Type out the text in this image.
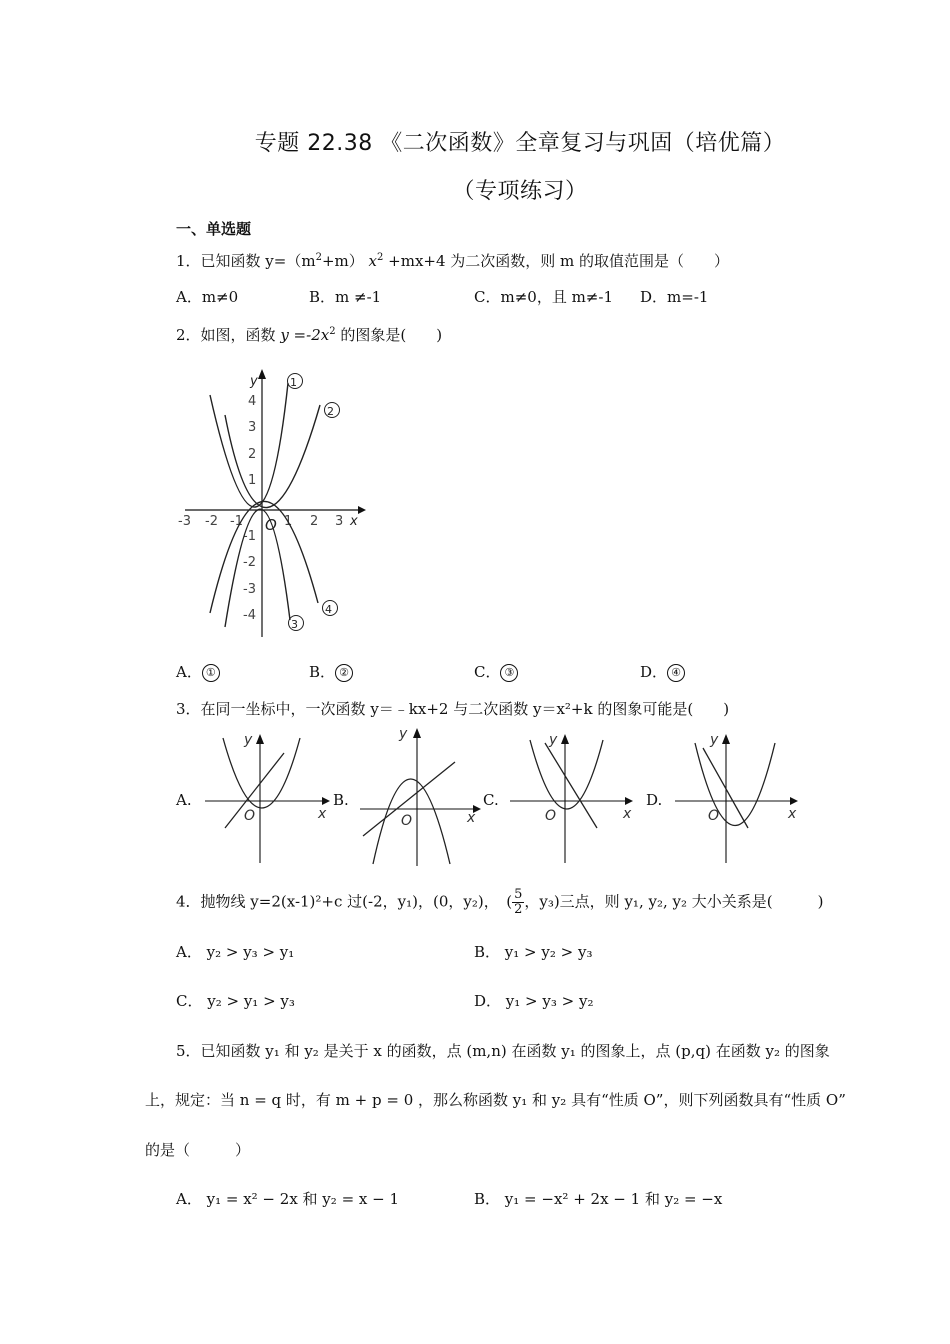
专题 22.38 《二次函数》全章复习与巩固（培优篇）
（专项练习）
一、单选题
1．已知函数 $y=(m^2+m)$ $x^2 +mx+4$ 为二次函数，则 m 的取值范围是（　　）
A．m≠0	B．m ≠-1	C．m≠0，且 m≠-1 D．m=-1
2．如图，函数 $y =-2x^2$ 的图象是(　　)
-3 -2 -1	1 2 3 x
y
O
4
3
2
1
-1
-2
-3
-4
1
2
3
4
A． ①	B． ②	C． ③	D． ④
3．在同一坐标中，一次函数 y＝﹣kx+2 与二次函数 y＝x²+k 的图象可能是(　　)
A.	B.	C.	D.
x
y
O	x
y
O	x
y
O	x
y
O
4．抛物线 y=2(x-1)²+c 过(-2，y₁)，(0，y₂)，　( $\frac{5}{2}$ ，y₃)三点，则 y₁, y₂, y₂ 大小关系是(　　　)
A． y₂ > y₃ > y₁	B． y₁ > y₂ > y₃
C． y₂ > y₁ > y₃	D． y₁ > y₃ > y₂
5．已知函数 y₁ 和 y₂ 是关于 x 的函数，点 (m,n) 在函数 y₁ 的图象上，点 (p,q) 在函数 y₂ 的图象
上，规定：当 n = q 时，有 m + p = 0 ，那么称函数 y₁ 和 y₂ 具有“性质 O”，则下列函数具有“性质 O”
的是（　　　）
A． y₁ = x² − 2x 和 y₂ = x − 1	B． y₁ = −x² + 2x − 1 和 y₂ = −x
